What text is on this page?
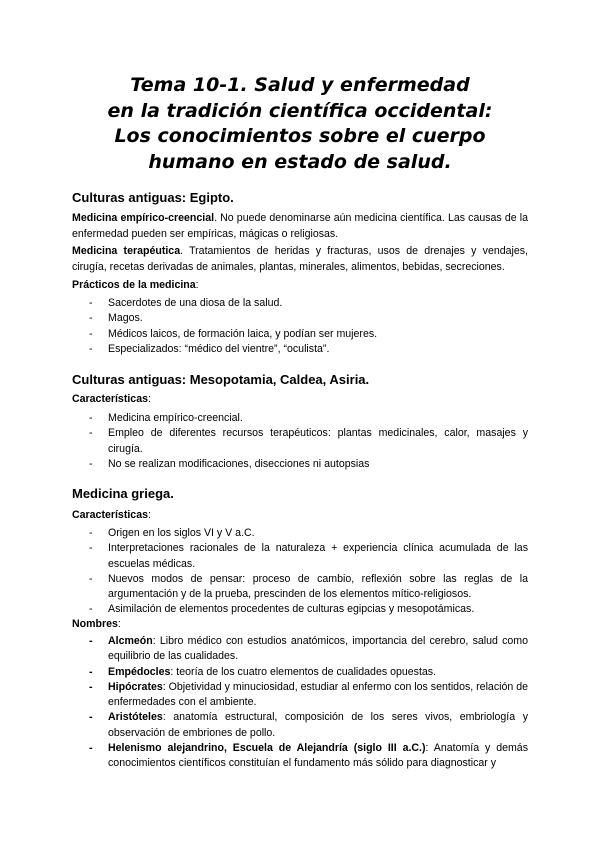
Tema 10-1. Salud y enfermedad
en la tradición científica occidental:
Los conocimientos sobre el cuerpo
humano en estado de salud.
Culturas antiguas: Egipto.
Medicina empírico-creencial. No puede denominarse aún medicina científica. Las causas de la enfermedad pueden ser empíricas, mágicas o religiosas.
Medicina terapéutica. Tratamientos de heridas y fracturas, usos de drenajes y vendajes, cirugía, recetas derivadas de animales, plantas, minerales, alimentos, bebidas, secreciones.
Prácticos de la medicina:
- Sacerdotes de una diosa de la salud.
- Magos.
- Médicos laicos, de formación laica, y podían ser mujeres.
- Especializados: “médico del vientre”, “oculista”.
Culturas antiguas: Mesopotamia, Caldea, Asiria.
Características:
- Medicina empírico-creencial.
- Empleo de diferentes recursos terapéuticos: plantas medicinales, calor, masajes y cirugía.
- No se realizan modificaciones, disecciones ni autopsias
Medicina griega.
Características:
- Origen en los siglos VI y V a.C.
- Interpretaciones racionales de la naturaleza + experiencia clínica acumulada de las escuelas médicas.
- Nuevos modos de pensar: proceso de cambio, reflexión sobre las reglas de la argumentación y de la prueba, prescinden de los elementos mítico-religiosos.
- Asimilación de elementos procedentes de culturas egipcias y mesopotámicas.
Nombres:
- Alcmeón: Libro médico con estudios anatómicos, importancia del cerebro, salud como equilibrio de las cualidades.
- Empédocles: teoría de los cuatro elementos de cualidades opuestas.
- Hipócrates: Objetividad y minuciosidad, estudiar al enfermo con los sentidos, relación de enfermedades con el ambiente.
- Aristóteles: anatomía estructural, composición de los seres vivos, embriología y observación de embriones de pollo.
- Helenismo alejandrino, Escuela de Alejandría (siglo III a.C.): Anatomía y demás conocimientos científicos constituían el fundamento más sólido para diagnosticar y
